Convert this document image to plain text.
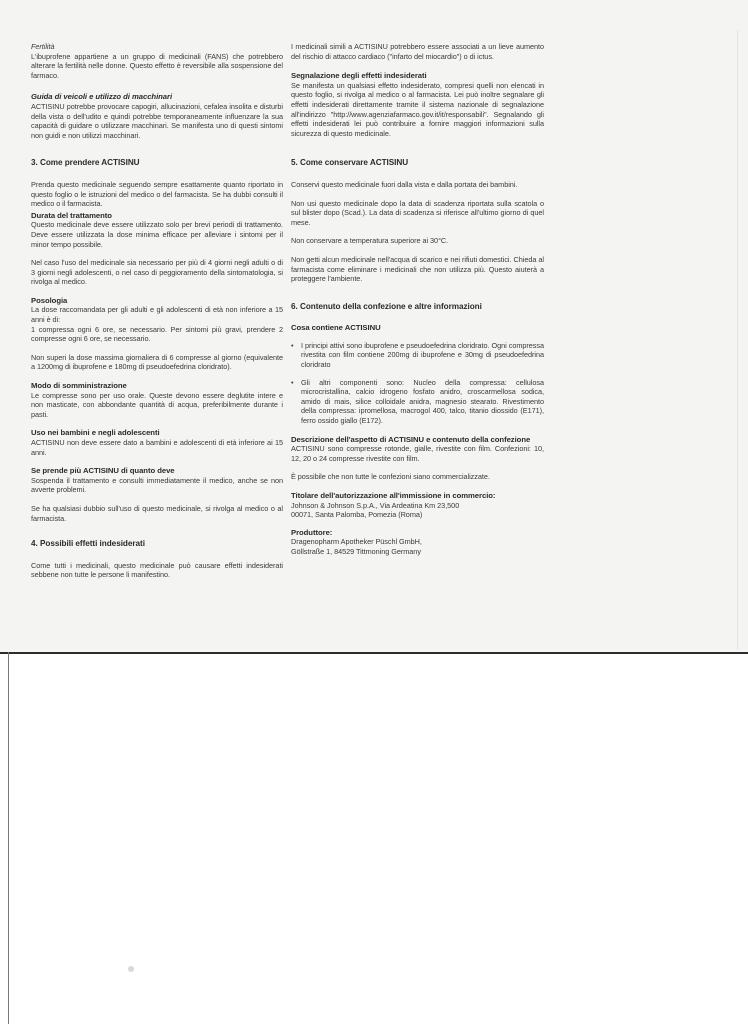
Fertilità

L'ibuprofene appartiene a un gruppo di medicinali (FANS) che potrebbero alterare la fertilità nelle donne. Questo effetto è reversibile alla sospensione del farmaco.

Guida di veicoli e utilizzo di macchinari

ACTISINU potrebbe provocare capogiri, allucinazioni, cefalea insolita e disturbi della vista o dell'udito e quindi potrebbe temporaneamente influenzare la sua capacità di guidare o utilizzare macchinari. Se manifesta uno di questi sintomi non guidi e non utilizzi macchinari.

3. Come prendere ACTISINU

Prenda questo medicinale seguendo sempre esattamente quanto riportato in questo foglio o le istruzioni del medico o del farmacista. Se ha dubbi consulti il medico o il farmacista.

Durata del trattamento

Questo medicinale deve essere utilizzato solo per brevi periodi di trattamento. Deve essere utilizzata la dose minima efficace per alleviare i sintomi per il minor tempo possibile.

Nel caso l'uso del medicinale sia necessario per più di 4 giorni negli adulti o di 3 giorni negli adolescenti, o nel caso di peggioramento della sintomatologia, si rivolga al medico.

Posologia

La dose raccomandata per gli adulti e gli adolescenti di età non inferiore a 15 anni è di:

1 compressa ogni 6 ore, se necessario. Per sintomi più gravi, prendere 2 compresse ogni 6 ore, se necessario.

Non superi la dose massima giornaliera di 6 compresse al giorno (equivalente a 1200mg di ibuprofene e 180mg di pseudoefedrina cloridrato).

Modo di somministrazione

Le compresse sono per uso orale. Queste devono essere deglutite intere e non masticate, con abbondante quantità di acqua, preferibilmente durante i pasti.

Uso nei bambini e negli adolescenti

ACTISINU non deve essere dato a bambini e adolescenti di età inferiore ai 15 anni.

Se prende più ACTISINU di quanto deve

Sospenda il trattamento e consulti immediatamente il medico, anche se non avverte problemi.

Se ha qualsiasi dubbio sull'uso di questo medicinale, si rivolga al medico o al farmacista.

4. Possibili effetti indesiderati

Come tutti i medicinali, questo medicinale può causare effetti indesiderati sebbene non tutte le persone li manifestino.

I medicinali simili a ACTISINU potrebbero essere associati a un lieve aumento del rischio di attacco cardiaco ("infarto del miocardio") o di ictus.

Segnalazione degli effetti indesiderati

Se manifesta un qualsiasi effetto indesiderato, compresi quelli non elencati in questo foglio, si rivolga al medico o al farmacista. Lei può inoltre segnalare gli effetti indesiderati direttamente tramite il sistema nazionale di segnalazione all'indirizzo "http://www.agenziafarmaco.gov.it/it/responsabili". Segnalando gli effetti indesiderati lei può contribuire a fornire maggiori informazioni sulla sicurezza di questo medicinale.

5. Come conservare ACTISINU

Conservi questo medicinale fuori dalla vista e dalla portata dei bambini.

Non usi questo medicinale dopo la data di scadenza riportata sulla scatola o sul blister dopo (Scad.). La data di scadenza si riferisce all'ultimo giorno di quel mese.

Non conservare a temperatura superiore ai 30°C.

Non getti alcun medicinale nell'acqua di scarico e nei rifiuti domestici. Chieda al farmacista come eliminare i medicinali che non utilizza più. Questo aiuterà a proteggere l'ambiente.

6. Contenuto della confezione e altre informazioni
Cosa contiene ACTISINU
• I principi attivi sono ibuprofene e pseudoefedrina cloridrato. Ogni compressa rivestita con film contiene 200mg di ibuprofene e 30mg di pseudoefedrina cloridrato
• Gli altri componenti sono: Nucleo della compressa: cellulosa microcristallina, calcio idrogeno fosfato anidro, croscarmellosa sodica, amido di mais, silice colloidale anidra, magnesio stearato. Rivestimento della compressa: ipromellosa, macrogol 400, talco, titanio diossido (E171), ferro ossido giallo (E172).
Descrizione dell'aspetto di ACTISINU e contenuto della confezione

ACTISINU sono compresse rotonde, gialle, rivestite con film. Confezioni: 10, 12, 20 o 24 compresse rivestite con film.

È possibile che non tutte le confezioni siano commercializzate.

Titolare dell'autorizzazione all'immissione in commercio:
Johnson & Johnson S.p.A., Via Ardeatina Km 23,500
00071, Santa Palomba, Pomezia (Roma)
Produttore:
Dragenopharm Apotheker Püschl GmbH,
Göllstraße 1, 84529 Tittmoning Germany
